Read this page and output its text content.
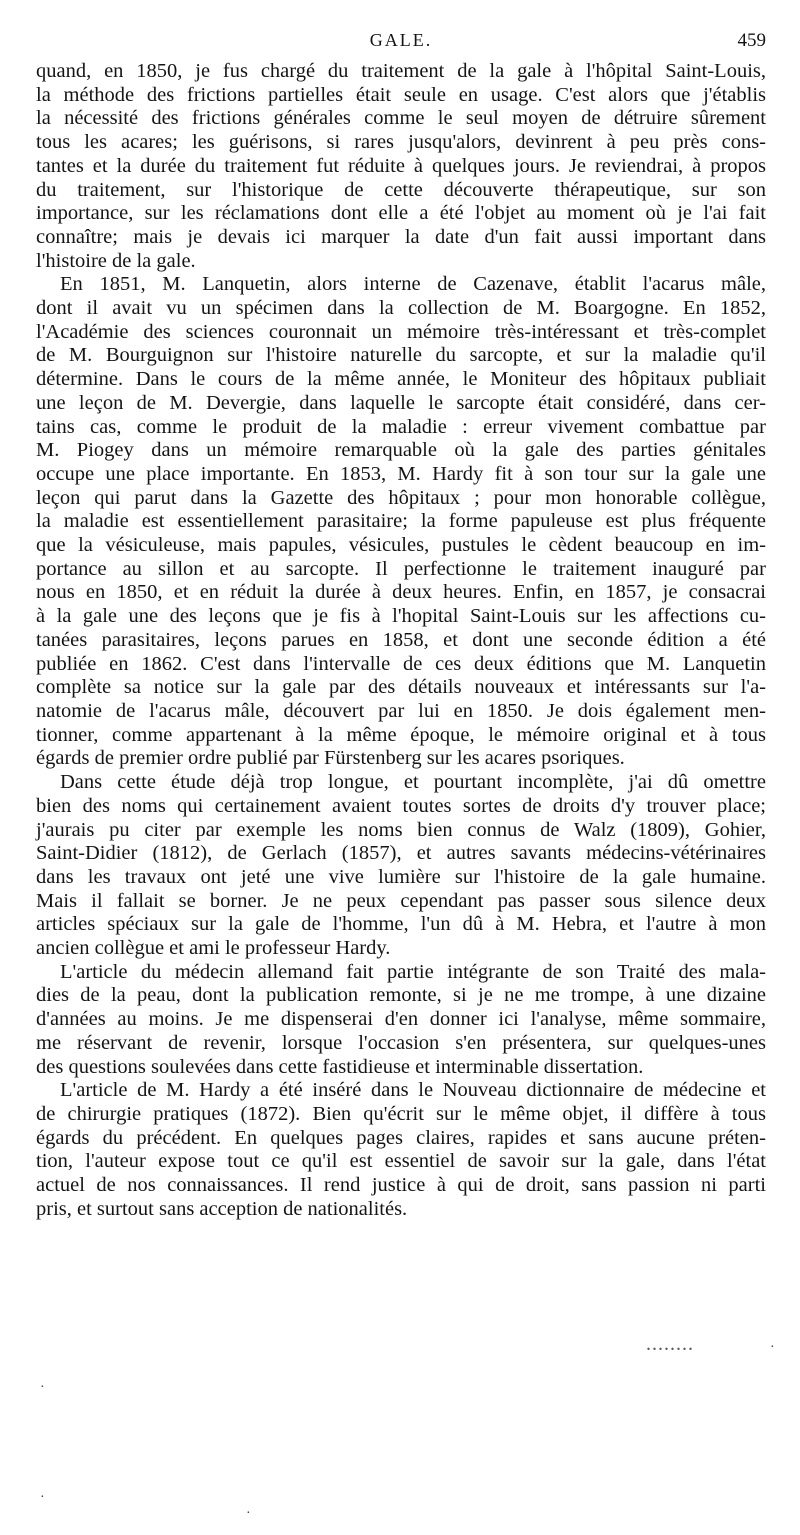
GALE.	459
quand, en 1850, je fus chargé du traitement de la gale à l'hôpital Saint-Louis,
la méthode des frictions partielles était seule en usage. C'est alors que j'établis
la nécessité des frictions générales comme le seul moyen de détruire sûrement
tous les acares; les guérisons, si rares jusqu'alors, devinrent à peu près cons-
tantes et la durée du traitement fut réduite à quelques jours. Je reviendrai, à propos
du traitement, sur l'historique de cette découverte thérapeutique, sur son
importance, sur les réclamations dont elle a été l'objet au moment où je l'ai fait
connaître; mais je devais ici marquer la date d'un fait aussi important dans
l'histoire de la gale.
En 1851, M. Lanquetin, alors interne de Cazenave, établit l'acarus mâle,
dont il avait vu un spécimen dans la collection de M. Boargogne. En 1852,
l'Académie des sciences couronnait un mémoire très-intéressant et très-complet
de M. Bourguignon sur l'histoire naturelle du sarcopte, et sur la maladie qu'il
détermine. Dans le cours de la même année, le Moniteur des hôpitaux publiait
une leçon de M. Devergie, dans laquelle le sarcopte était considéré, dans cer-
tains cas, comme le produit de la maladie : erreur vivement combattue par
M. Piogey dans un mémoire remarquable où la gale des parties génitales
occupe une place importante. En 1853, M. Hardy fit à son tour sur la gale une
leçon qui parut dans la Gazette des hôpitaux ; pour mon honorable collègue,
la maladie est essentiellement parasitaire; la forme papuleuse est plus fréquente
que la vésiculeuse, mais papules, vésicules, pustules le cèdent beaucoup en im-
portance au sillon et au sarcopte. Il perfectionne le traitement inauguré par
nous en 1850, et en réduit la durée à deux heures. Enfin, en 1857, je consacrai
à la gale une des leçons que je fis à l'hopital Saint-Louis sur les affections cu-
tanées parasitaires, leçons parues en 1858, et dont une seconde édition a été
publiée en 1862. C'est dans l'intervalle de ces deux éditions que M. Lanquetin
complète sa notice sur la gale par des détails nouveaux et intéressants sur l'a-
natomie de l'acarus mâle, découvert par lui en 1850. Je dois également men-
tionner, comme appartenant à la même époque, le mémoire original et à tous
égards de premier ordre publié par Fürstenberg sur les acares psoriques.
Dans cette étude déjà trop longue, et pourtant incomplète, j'ai dû omettre
bien des noms qui certainement avaient toutes sortes de droits d'y trouver place;
j'aurais pu citer par exemple les noms bien connus de Walz (1809), Gohier,
Saint-Didier (1812), de Gerlach (1857), et autres savants médecins-vétérinaires
dans les travaux ont jeté une vive lumière sur l'histoire de la gale humaine.
Mais il fallait se borner. Je ne peux cependant pas passer sous silence deux
articles spéciaux sur la gale de l'homme, l'un dû à M. Hebra, et l'autre à mon
ancien collègue et ami le professeur Hardy.
L'article du médecin allemand fait partie intégrante de son Traité des mala-
dies de la peau, dont la publication remonte, si je ne me trompe, à une dizaine
d'années au moins. Je me dispenserai d'en donner ici l'analyse, même sommaire,
me réservant de revenir, lorsque l'occasion s'en présentera, sur quelques-unes
des questions soulevées dans cette fastidieuse et interminable dissertation.
L'article de M. Hardy a été inséré dans le Nouveau dictionnaire de médecine et
de chirurgie pratiques (1872). Bien qu'écrit sur le même objet, il diffère à tous
égards du précédent. En quelques pages claires, rapides et sans aucune préten-
tion, l'auteur expose tout ce qu'il est essentiel de savoir sur la gale, dans l'état
actuel de nos connaissances. Il rend justice à qui de droit, sans passion ni parti
pris, et surtout sans acception de nationalités.
........
·
·
·
·
